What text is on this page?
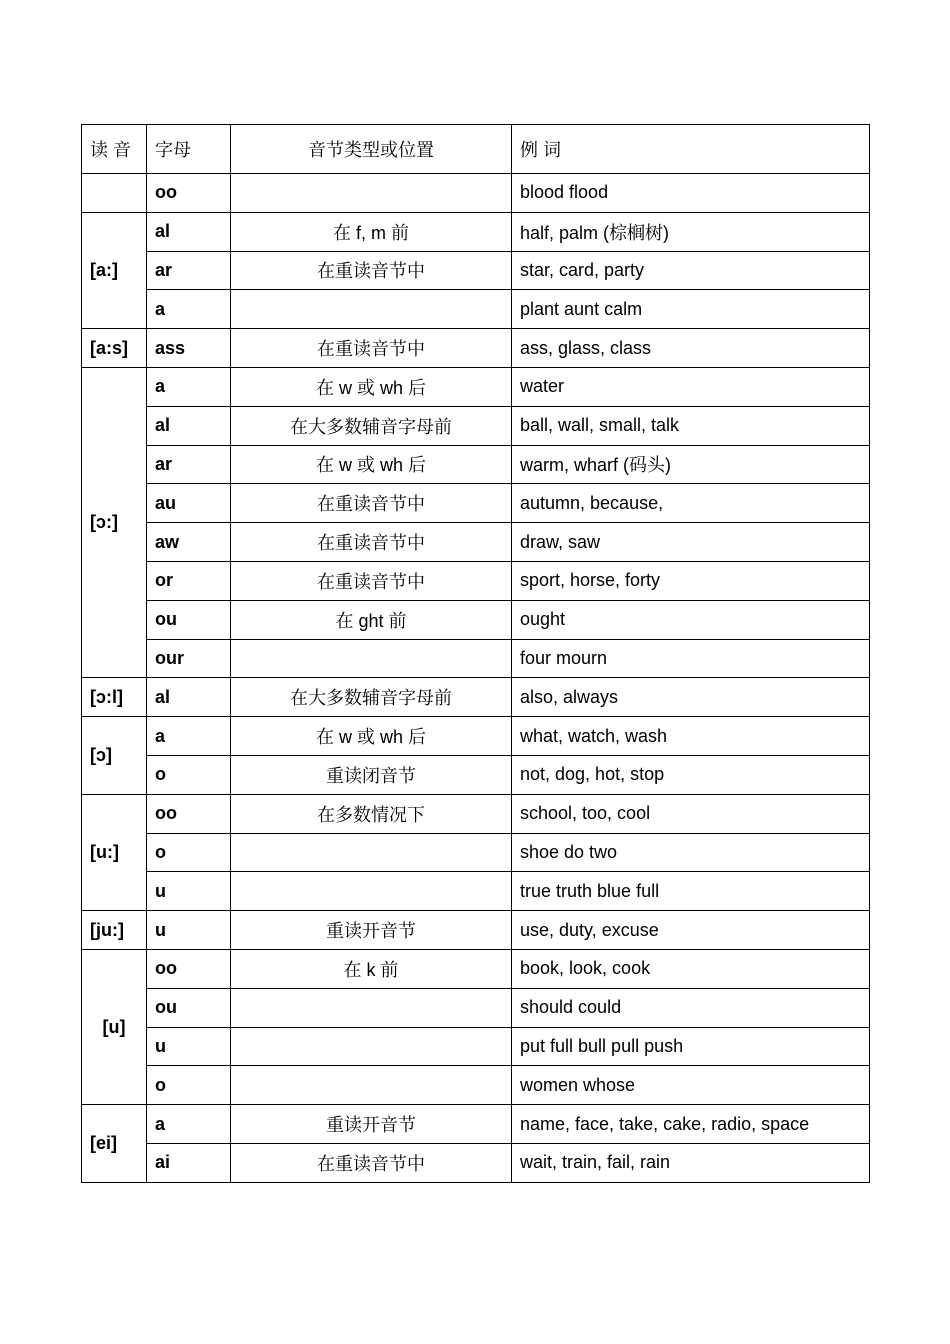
读 音	字母	音节类型或位置	例 词
	oo		blood flood
[a:]	al	在 f, m 前	half, palm (棕榈树)
	ar	在重读音节中	star, card, party
	a		plant aunt calm
[a:s]	ass	在重读音节中	ass, glass, class
[ɔ:]	a	在 w 或 wh 后	water
	al	在大多数辅音字母前	ball, wall, small, talk
	ar	在 w 或 wh 后	warm, wharf (码头)
	au	在重读音节中	autumn, because,
	aw	在重读音节中	draw, saw
	or	在重读音节中	sport, horse, forty
	ou	在 ght 前	ought
	our		four mourn
[ɔ:l]	al	在大多数辅音字母前	also, always
[ɔ]	a	在 w 或 wh 后	what, watch, wash
	o	重读闭音节	not, dog, hot, stop
[u:]	oo	在多数情况下	school, too, cool
	o		shoe do two
	u		true truth blue full
[ju:]	u	重读开音节	use, duty, excuse
[u]	oo	在 k 前	book, look, cook
	ou		should could
	u		put full bull pull push
	o		women whose
[ei]	a	重读开音节	name, face, take, cake, radio, space
	ai	在重读音节中	wait, train, fail, rain
